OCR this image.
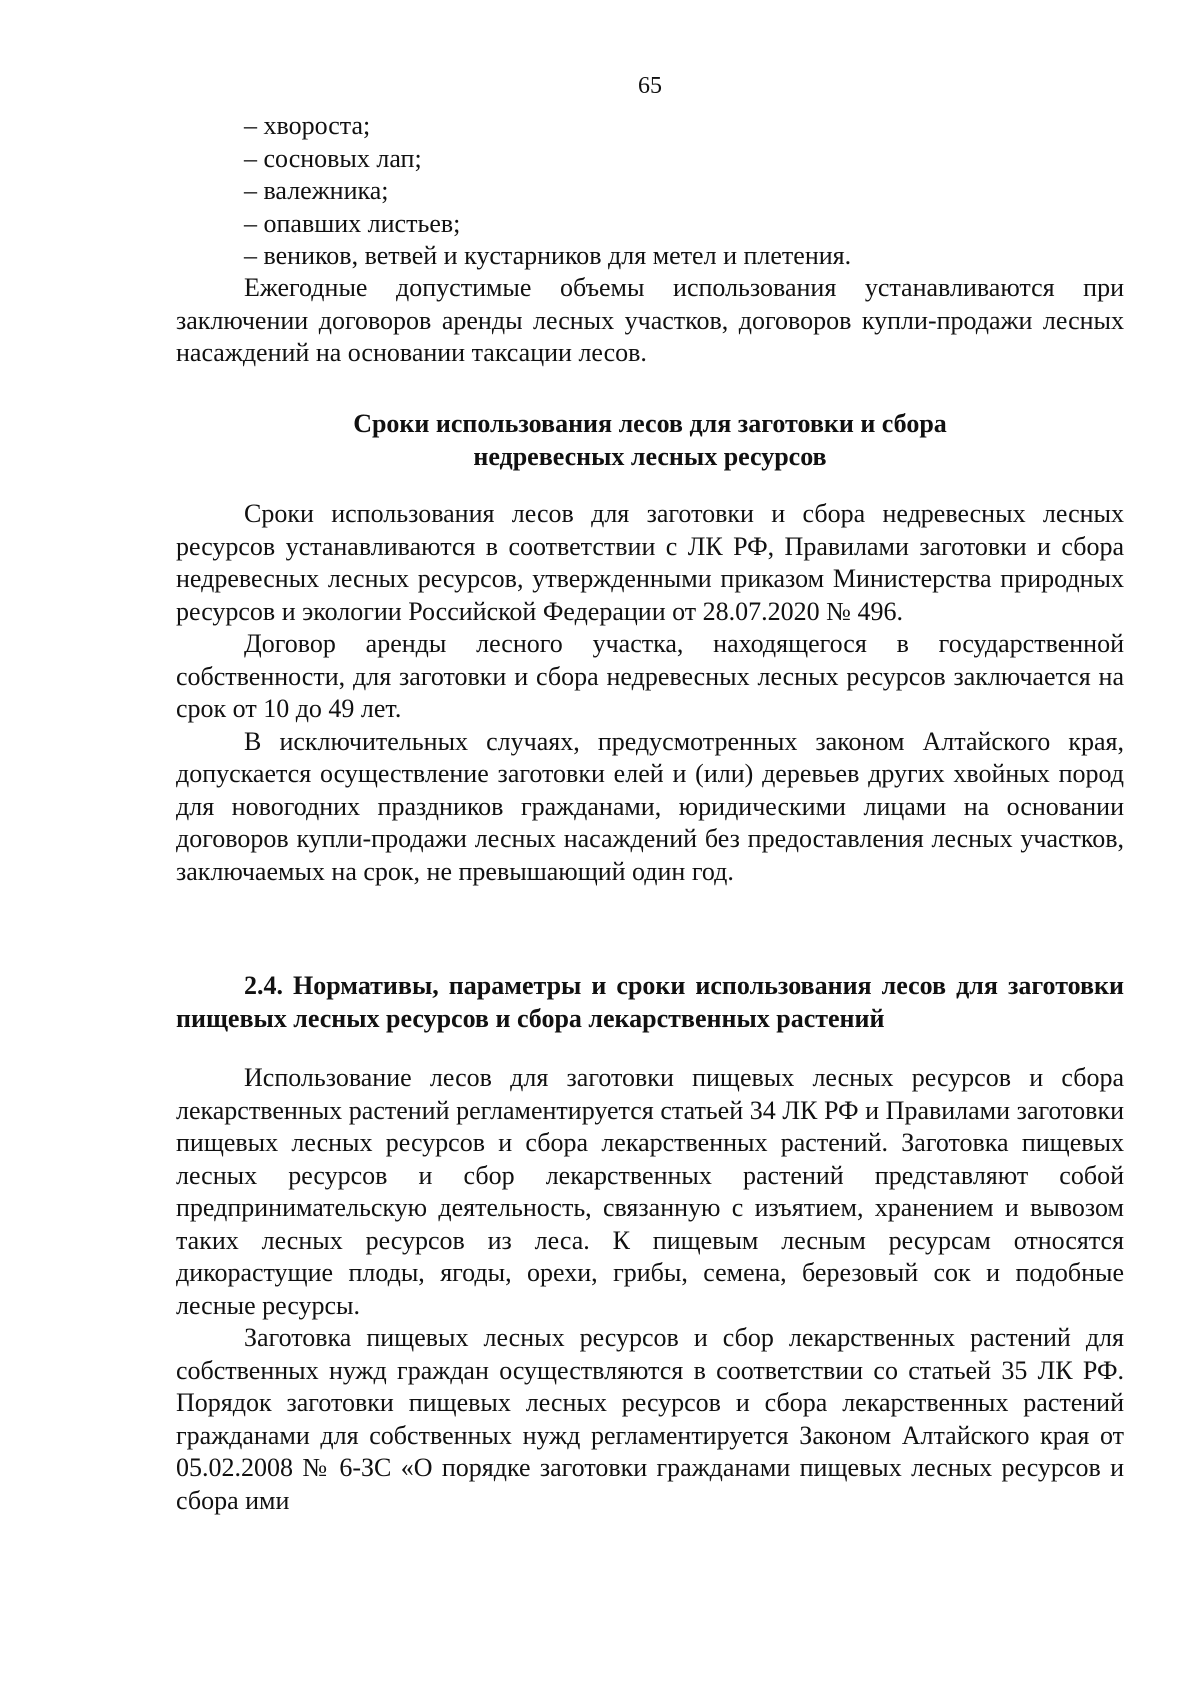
65

– хвороста;

– сосновых лап;

– валежника;

– опавших листьев;

– веников, ветвей и кустарников для метел и плетения.

Ежегодные допустимые объемы использования устанавливаются при заключении договоров аренды лесных участков, договоров купли-продажи лесных насаждений на основании таксации лесов.

Сроки использования лесов для заготовки и сбора
недревесных лесных ресурсов

Сроки использования лесов для заготовки и сбора недревесных лесных ресурсов устанавливаются в соответствии с ЛК РФ, Правилами заготовки и сбора недревесных лесных ресурсов, утвержденными приказом Министерства природных ресурсов и экологии Российской Федерации от 28.07.2020 № 496.

Договор аренды лесного участка, находящегося в государственной собственности, для заготовки и сбора недревесных лесных ресурсов заключается на срок от 10 до 49 лет.

В исключительных случаях, предусмотренных законом Алтайского края, допускается осуществление заготовки елей и (или) деревьев других хвойных пород для новогодних праздников гражданами, юридическими лицами на основании договоров купли-продажи лесных насаждений без предоставления лесных участков, заключаемых на срок, не превышающий один год.

2.4. Нормативы, параметры и сроки использования лесов для заготовки пищевых лесных ресурсов и сбора лекарственных растений

Использование лесов для заготовки пищевых лесных ресурсов и сбора лекарственных растений регламентируется статьей 34 ЛК РФ и Правилами заготовки пищевых лесных ресурсов и сбора лекарственных растений. Заготовка пищевых лесных ресурсов и сбор лекарственных растений представляют собой предпринимательскую деятельность, связанную с изъятием, хранением и вывозом таких лесных ресурсов из леса. К пищевым лесным ресурсам относятся дикорастущие плоды, ягоды, орехи, грибы, семена, березовый сок и подобные лесные ресурсы.

Заготовка пищевых лесных ресурсов и сбор лекарственных растений для собственных нужд граждан осуществляются в соответствии со статьей 35 ЛК РФ. Порядок заготовки пищевых лесных ресурсов и сбора лекарственных растений гражданами для собственных нужд регламентируется Законом Алтайского края от 05.02.2008 № 6-ЗС «О порядке заготовки гражданами пищевых лесных ресурсов и сбора ими
